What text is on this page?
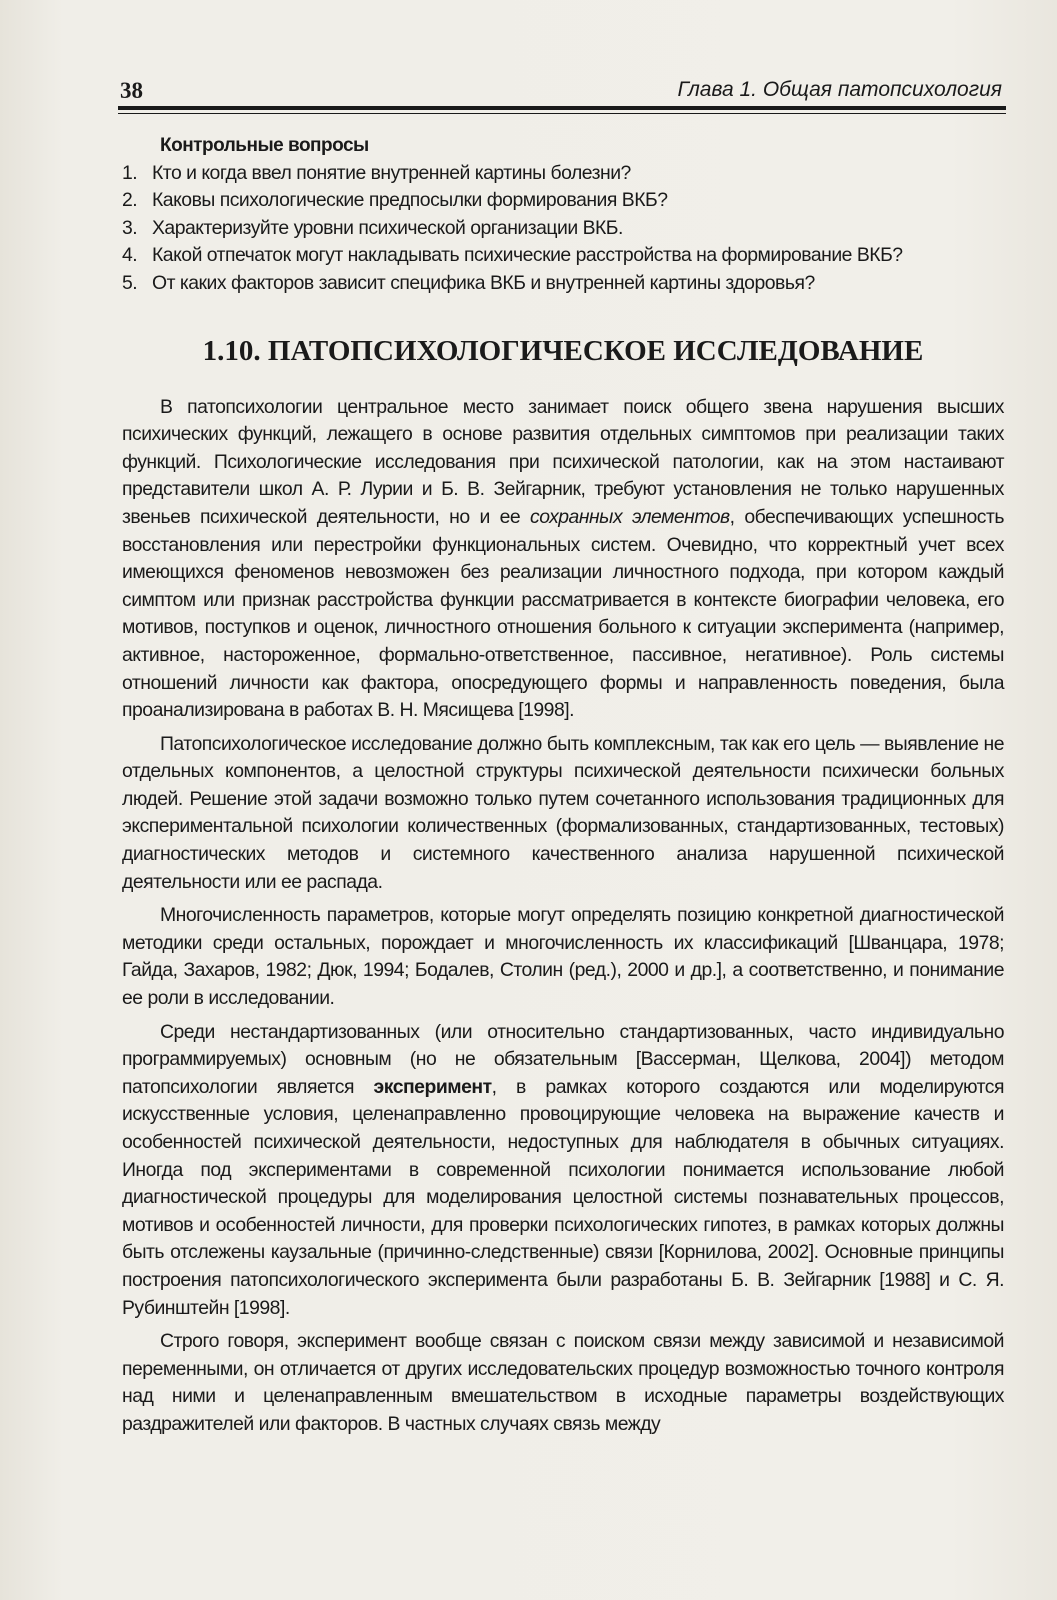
38	Глава 1. Общая патопсихология
Контрольные вопросы
1. Кто и когда ввел понятие внутренней картины болезни?
2. Каковы психологические предпосылки формирования ВКБ?
3. Характеризуйте уровни психической организации ВКБ.
4. Какой отпечаток могут накладывать психические расстройства на формирование ВКБ?
5. От каких факторов зависит специфика ВКБ и внутренней картины здоровья?
1.10. ПАТОПСИХОЛОГИЧЕСКОЕ ИССЛЕДОВАНИЕ

В патопсихологии центральное место занимает поиск общего звена нарушения высших психических функций, лежащего в основе развития отдельных симптомов при реализации таких функций. Психологические исследования при психической патологии, как на этом настаивают представители школ А. Р. Лурии и Б. В. Зейгарник, требуют установления не только нарушенных звеньев психической деятельности, но и ее сохранных элементов, обеспечивающих успешность восстановления или перестройки функциональных систем. Очевидно, что корректный учет всех имеющихся феноменов невозможен без реализации личностного подхода, при котором каждый симптом или признак расстройства функции рассматривается в контексте биографии человека, его мотивов, поступков и оценок, личностного отношения больного к ситуации эксперимента (например, активное, настороженное, формально-ответственное, пассивное, негативное). Роль системы отношений личности как фактора, опосредующего формы и направленность поведения, была проанализирована в работах В. Н. Мясищева [1998].

Патопсихологическое исследование должно быть комплексным, так как его цель — выявление не отдельных компонентов, а целостной структуры психической деятельности психически больных людей. Решение этой задачи возможно только путем сочетанного использования традиционных для экспериментальной психологии количественных (формализованных, стандартизованных, тестовых) диагностических методов и системного качественного анализа нарушенной психической деятельности или ее распада.

Многочисленность параметров, которые могут определять позицию конкретной диагностической методики среди остальных, порождает и многочисленность их классификаций [Шванцара, 1978; Гайда, Захаров, 1982; Дюк, 1994; Бодалев, Столин (ред.), 2000 и др.], а соответственно, и понимание ее роли в исследовании.

Среди нестандартизованных (или относительно стандартизованных, часто индивидуально программируемых) основным (но не обязательным [Вассерман, Щелкова, 2004]) методом патопсихологии является эксперимент, в рамках которого создаются или моделируются искусственные условия, целенаправленно провоцирующие человека на выражение качеств и особенностей психической деятельности, недоступных для наблюдателя в обычных ситуациях. Иногда под экспериментами в современной психологии понимается использование любой диагностической процедуры для моделирования целостной системы познавательных процессов, мотивов и особенностей личности, для проверки психологических гипотез, в рамках которых должны быть отслежены каузальные (причинно-следственные) связи [Корнилова, 2002]. Основные принципы построения патопсихологического эксперимента были разработаны Б. В. Зейгарник [1988] и С. Я. Рубинштейн [1998].

Строго говоря, эксперимент вообще связан с поиском связи между зависимой и независимой переменными, он отличается от других исследовательских процедур возможностью точного контроля над ними и целенаправленным вмешательством в исходные параметры воздействующих раздражителей или факторов. В частных случаях связь между
